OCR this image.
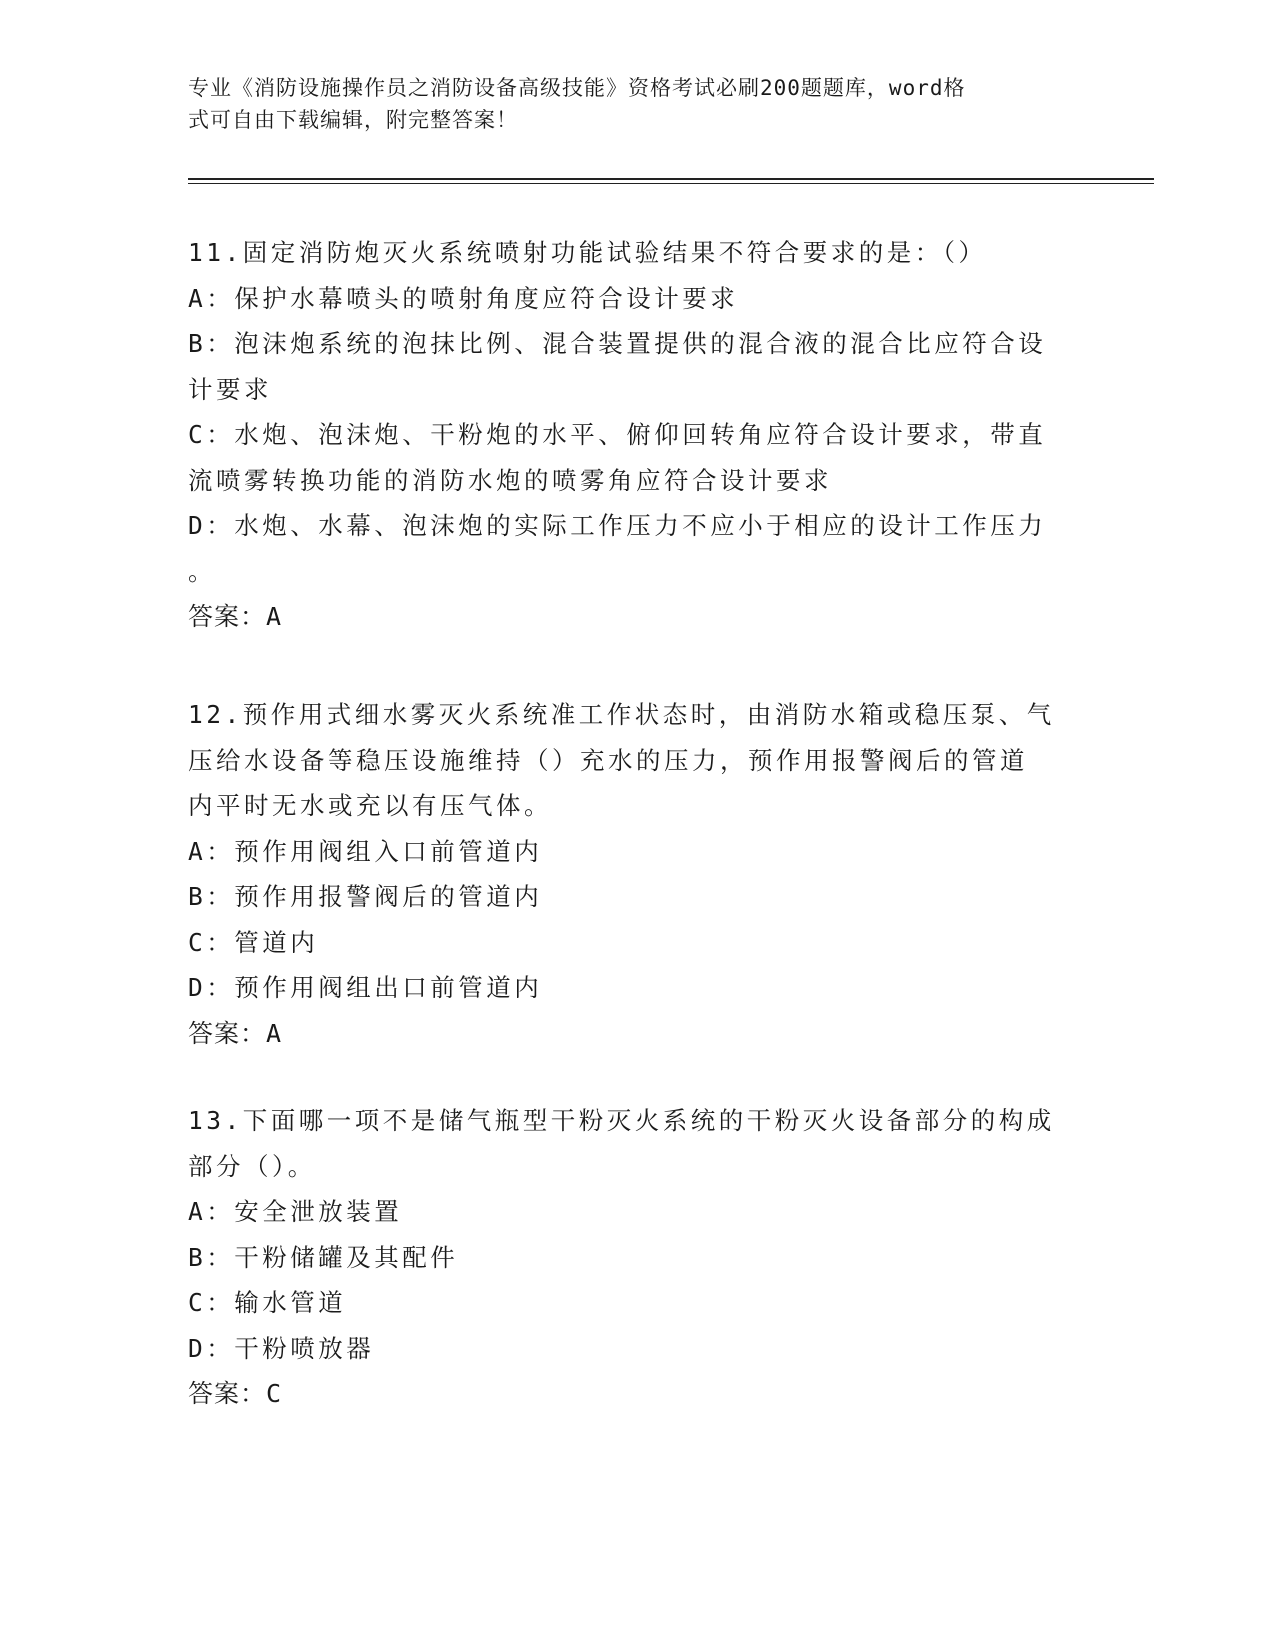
专业《消防设施操作员之消防设备高级技能》资格考试必刷200题题库，word格
式可自由下载编辑，附完整答案！
11.固定消防炮灭火系统喷射功能试验结果不符合要求的是：（）
A：保护水幕喷头的喷射角度应符合设计要求
B：泡沫炮系统的泡抹比例、混合装置提供的混合液的混合比应符合设
计要求
C：水炮、泡沫炮、干粉炮的水平、俯仰回转角应符合设计要求，带直
流喷雾转换功能的消防水炮的喷雾角应符合设计要求
D：水炮、水幕、泡沫炮的实际工作压力不应小于相应的设计工作压力
。
答案：A
12.预作用式细水雾灭火系统准工作状态时，由消防水箱或稳压泵、气
压给水设备等稳压设施维持（）充水的压力，预作用报警阀后的管道
内平时无水或充以有压气体。
A：预作用阀组入口前管道内
B：预作用报警阀后的管道内
C：管道内
D：预作用阀组出口前管道内
答案：A
13.下面哪一项不是储气瓶型干粉灭火系统的干粉灭火设备部分的构成
部分（）。
A：安全泄放装置
B：干粉储罐及其配件
C：输水管道
D：干粉喷放器
答案：C
